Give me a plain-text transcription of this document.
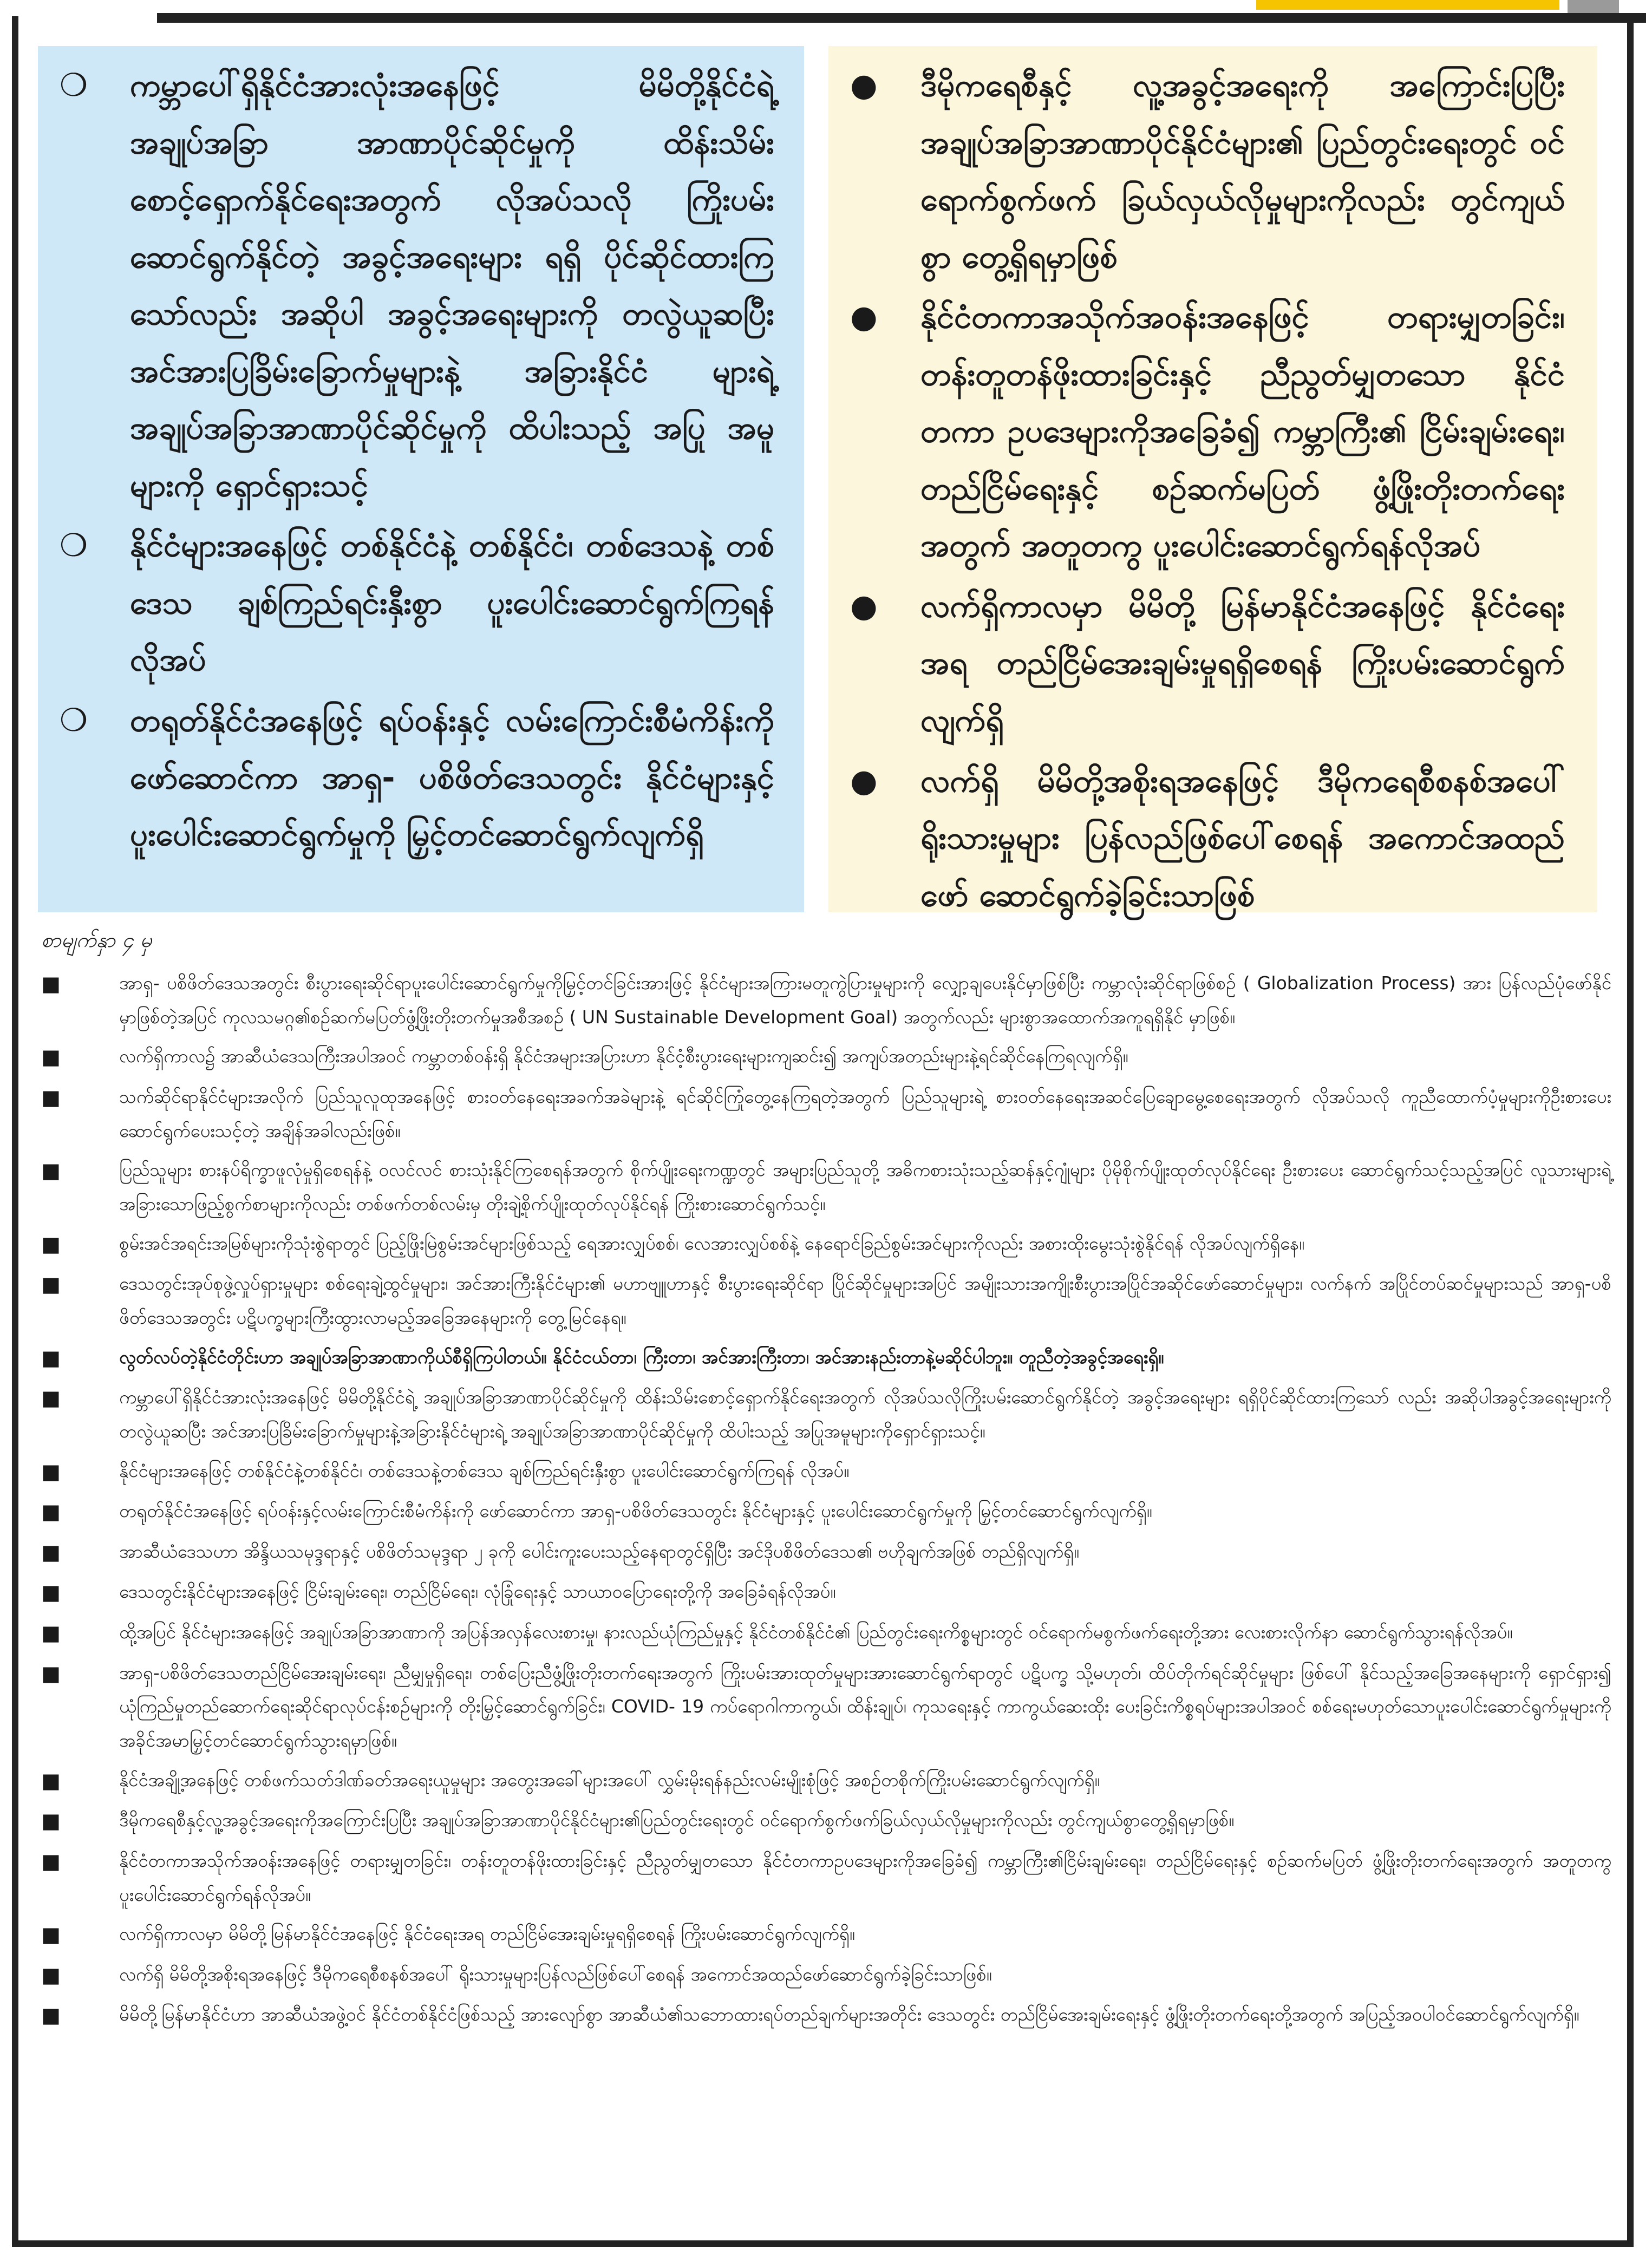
❍	ကမ္ဘာပေါ်ရှိနိုင်ငံအားလုံးအနေဖြင့် မိမိတို့နိုင်ငံရဲ့အချုပ်အခြာ အာဏာပိုင်ဆိုင်မှုကို ထိန်းသိမ်း စောင့်ရှောက်နိုင်ရေးအတွက် လိုအပ်သလို ကြိုးပမ်းဆောင်ရွက်နိုင်တဲ့ အခွင့်အရေးများ ရရှိ ပိုင်ဆိုင်ထားကြသော်လည်း အဆိုပါ အခွင့်အရေးများကို တလွဲယူဆပြီး အင်အားပြခြိမ်းခြောက်မှုများနဲ့ အခြားနိုင်ငံ များရဲ့ အချုပ်အခြာအာဏာပိုင်ဆိုင်မှုကို ထိပါးသည့် အပြု အမူများကို ရှောင်ရှားသင့်
❍	နိုင်ငံများအနေဖြင့် တစ်နိုင်ငံနဲ့ တစ်နိုင်ငံ၊ တစ်ဒေသနဲ့ တစ်ဒေသ ချစ်ကြည်ရင်းနှီးစွာ ပူးပေါင်းဆောင်ရွက်ကြရန် လိုအပ်
❍	တရုတ်နိုင်ငံအနေဖြင့် ရပ်ဝန်းနှင့် လမ်းကြောင်းစီမံကိန်းကို ဖော်ဆောင်ကာ အာရှ- ပစိဖိတ်ဒေသတွင်း နိုင်ငံများနှင့် ပူးပေါင်းဆောင်ရွက်မှုကို မြှင့်တင်ဆောင်ရွက်လျက်ရှိ
●	ဒီမိုကရေစီနှင့် လူ့အခွင့်အရေးကို အကြောင်းပြပြီး အချုပ်အခြာအာဏာပိုင်နိုင်ငံများ၏ ပြည်တွင်းရေးတွင် ဝင်ရောက်စွက်ဖက် ခြယ်လှယ်လိုမှုများကိုလည်း တွင်ကျယ်စွာ တွေ့ရှိရမှာဖြစ်
●	နိုင်ငံတကာအသိုက်အဝန်းအနေဖြင့် တရားမျှတခြင်း၊ တန်းတူတန်ဖိုးထားခြင်းနှင့် ညီညွတ်မျှတသော နိုင်ငံ တကာ ဥပဒေများကိုအခြေခံ၍ ကမ္ဘာကြီး၏ ငြိမ်းချမ်းရေး၊ တည်ငြိမ်ရေးနှင့် စဉ်ဆက်မပြတ် ဖွံ့ဖြိုးတိုးတက်ရေး အတွက် အတူတကွ ပူးပေါင်းဆောင်ရွက်ရန်လိုအပ်
●	လက်ရှိကာလမှာ မိမိတို့ မြန်မာနိုင်ငံအနေဖြင့် နိုင်ငံရေး အရ တည်ငြိမ်အေးချမ်းမှုရရှိစေရန် ကြိုးပမ်းဆောင်ရွက် လျက်ရှိ
●	လက်ရှိ မိမိတို့အစိုးရအနေဖြင့် ဒီမိုကရေစီစနစ်အပေါ် ရိုးသားမှုများ ပြန်လည်ဖြစ်ပေါ်စေရန် အကောင်အထည် ဖော် ဆောင်ရွက်ခဲ့ခြင်းသာဖြစ်
စာမျက်နှာ ၄ မှ
■	အာရှ- ပစိဖိတ်ဒေသအတွင်း စီးပွားရေးဆိုင်ရာပူးပေါင်းဆောင်ရွက်မှုကိုမြှင့်တင်ခြင်းအားဖြင့် နိုင်ငံများအကြားမတူကွဲပြားမှုများကို လျှော့ချပေးနိုင်မှာဖြစ်ပြီး ကမ္ဘာလုံးဆိုင်ရာဖြစ်စဉ် ( Globalization Process) အား ပြန်လည်ပုံဖော်နိုင်မှာဖြစ်တဲ့အပြင် ကုလသမဂ္ဂ၏စဉ်ဆက်မပြတ်ဖွံ့ဖြိုးတိုးတက်မှုအစီအစဉ် ( UN Sustainable Development Goal) အတွက်လည်း များစွာအထောက်အကူရရှိနိုင် မှာဖြစ်။
■	လက်ရှိကာလ၌ အာဆီယံဒေသကြီးအပါအဝင် ကမ္ဘာတစ်ဝန်းရှိ နိုင်ငံအများအပြားဟာ နိုင်ငံ့စီးပွားရေးများကျဆင်း၍ အကျပ်အတည်းများနဲ့ရင်ဆိုင်နေကြရလျက်ရှိ။
■	သက်ဆိုင်ရာနိုင်ငံများအလိုက် ပြည်သူလူထုအနေဖြင့် စားဝတ်နေရေးအခက်အခဲများနဲ့ ရင်ဆိုင်ကြုံတွေ့နေကြရတဲ့အတွက် ပြည်သူများရဲ့ စားဝတ်နေရေးအဆင်ပြေချောမွေ့စေရေးအတွက် လိုအပ်သလို ကူညီထောက်ပံ့မှုများကိုဦးစားပေးဆောင်ရွက်ပေးသင့်တဲ့ အချိန်အခါလည်းဖြစ်။
■	ပြည်သူများ စားနပ်ရိက္ခာဖူလုံမှုရှိစေရန်နဲ့ ဝလင်လင် စားသုံးနိုင်ကြစေရန်အတွက် စိုက်ပျိုးရေးကဏ္ဍတွင် အများပြည်သူတို့ အဓိကစားသုံးသည့်ဆန်နှင့်ဂျုံများ ပိုမိုစိုက်ပျိုးထုတ်လုပ်နိုင်ရေး ဦးစားပေး ဆောင်ရွက်သင့်သည့်အပြင် လူသားများရဲ့အခြားသောဖြည့်စွက်စာများကိုလည်း တစ်ဖက်တစ်လမ်းမှ တိုးချဲ့စိုက်ပျိုးထုတ်လုပ်နိုင်ရန် ကြိုးစားဆောင်ရွက်သင့်။
■	စွမ်းအင်အရင်းအမြစ်များကိုသုံးစွဲရာတွင် ပြည့်ဖြိုးမြဲစွမ်းအင်များဖြစ်သည့် ရေအားလျှပ်စစ်၊ လေအားလျှပ်စစ်နဲ့ နေရောင်ခြည်စွမ်းအင်များကိုလည်း အစားထိုးမွေးသုံးစွဲနိုင်ရန် လိုအပ်လျက်ရှိနေ။
■	ဒေသတွင်းအုပ်စုဖွဲ့လှုပ်ရှားမှုများ စစ်ရေးချဲ့ထွင်မှုများ၊ အင်အားကြီးနိုင်ငံများ၏ မဟာဗျူဟာနှင့် စီးပွားရေးဆိုင်ရာ ပြိုင်ဆိုင်မှုများအပြင် အမျိုးသားအကျိုးစီးပွားအပြိုင်အဆိုင်ဖော်ဆောင်မှုများ၊ လက်နက် အပြိုင်တပ်ဆင်မှုများသည် အာရှ-ပစိဖိတ်ဒေသအတွင်း ပဋိပက္ခများကြီးထွားလာမည့်အခြေအနေများကို တွေ့မြင်နေရ။
■	လွတ်လပ်တဲ့နိုင်ငံတိုင်းဟာ အချုပ်အခြာအာဏာကိုယ်စီရှိကြပါတယ်။ နိုင်ငံငယ်တာ၊ ကြီးတာ၊ အင်အားကြီးတာ၊ အင်အားနည်းတာနဲ့မဆိုင်ပါဘူး။ တူညီတဲ့အခွင့်အရေးရှိ။
■	ကမ္ဘာပေါ်ရှိနိုင်ငံအားလုံးအနေဖြင့် မိမိတို့နိုင်ငံရဲ့ အချုပ်အခြာအာဏာပိုင်ဆိုင်မှုကို ထိန်းသိမ်းစောင့်ရှောက်နိုင်ရေးအတွက် လိုအပ်သလိုကြိုးပမ်းဆောင်ရွက်နိုင်တဲ့ အခွင့်အရေးများ ရရှိပိုင်ဆိုင်ထားကြသော် လည်း အဆိုပါအခွင့်အရေးများကို တလွဲယူဆပြီး အင်အားပြခြိမ်းခြောက်မှုများနဲ့အခြားနိုင်ငံများရဲ့ အချုပ်အခြာအာဏာပိုင်ဆိုင်မှုကို ထိပါးသည့် အပြုအမူများကိုရှောင်ရှားသင့်။
■	နိုင်ငံများအနေဖြင့် တစ်နိုင်ငံနဲ့တစ်နိုင်ငံ၊ တစ်ဒေသနဲ့တစ်ဒေသ ချစ်ကြည်ရင်းနှီးစွာ ပူးပေါင်းဆောင်ရွက်ကြရန် လိုအပ်။
■	တရုတ်နိုင်ငံအနေဖြင့် ရပ်ဝန်းနှင့်လမ်းကြောင်းစီမံကိန်းကို ဖော်ဆောင်ကာ အာရှ-ပစိဖိတ်ဒေသတွင်း နိုင်ငံများနှင့် ပူးပေါင်းဆောင်ရွက်မှုကို မြှင့်တင်ဆောင်ရွက်လျက်ရှိ။
■	အာဆီယံဒေသဟာ အိန္ဒိယသမုဒ္ဒရာနှင့် ပစိဖိတ်သမုဒ္ဒရာ ၂ ခုကို ပေါင်းကူးပေးသည့်နေရာတွင်ရှိပြီး အင်ဒိုပစိဖိတ်ဒေသ၏ ဗဟိုချက်အဖြစ် တည်ရှိလျက်ရှိ။
■	ဒေသတွင်းနိုင်ငံများအနေဖြင့် ငြိမ်းချမ်းရေး၊ တည်ငြိမ်ရေး၊ လုံခြုံရေးနှင့် သာယာဝပြောရေးတို့ကို အခြေခံရန်လိုအပ်။
■	ထို့အပြင် နိုင်ငံများအနေဖြင့် အချုပ်အခြာအာဏာကို အပြန်အလှန်လေးစားမှု၊ နားလည်ယုံကြည်မှုနှင့် နိုင်ငံတစ်နိုင်ငံ၏ ပြည်တွင်းရေးကိစ္စများတွင် ဝင်ရောက်မစွက်ဖက်ရေးတို့အား လေးစားလိုက်နာ ဆောင်ရွက်သွားရန်လိုအပ်။
■	အာရှ-ပစိဖိတ်ဒေသတည်ငြိမ်အေးချမ်းရေး၊ ညီမျှမှုရှိရေး၊ တစ်ပြေးညီဖွံ့ဖြိုးတိုးတက်ရေးအတွက် ကြိုးပမ်းအားထုတ်မှုများအားဆောင်ရွက်ရာတွင် ပဋိပက္ခ သို့မဟုတ်၊ ထိပ်တိုက်ရင်ဆိုင်မှုများ ဖြစ်ပေါ် နိုင်သည့်အခြေအနေများကို ရှောင်ရှား၍ ယုံကြည်မှုတည်ဆောက်ရေးဆိုင်ရာလုပ်ငန်းစဉ်များကို တိုးမြှင့်ဆောင်ရွက်ခြင်း၊ COVID- 19 ကပ်ရောဂါကာကွယ်၊ ထိန်းချုပ်၊ ကုသရေးနှင့် ကာကွယ်ဆေးထိုး ပေးခြင်းကိစ္စရပ်များအပါအဝင် စစ်ရေးမဟုတ်သောပူးပေါင်းဆောင်ရွက်မှုများကို အခိုင်အမာမြှင့်တင်ဆောင်ရွက်သွားရမှာဖြစ်။
■	နိုင်ငံအချို့အနေဖြင့် တစ်ဖက်သတ်ဒါဏ်ခတ်အရေးယူမှုများ အတွေးအခေါ်များအပေါ် လွှမ်းမိုးရန်နည်းလမ်းမျိုးစုံဖြင့် အစဉ်တစိုက်ကြိုးပမ်းဆောင်ရွက်လျက်ရှိ။
■	ဒီမိုကရေစီနှင့်လူ့အခွင့်အရေးကိုအကြောင်းပြပြီး အချုပ်အခြာအာဏာပိုင်နိုင်ငံများ၏ပြည်တွင်းရေးတွင် ဝင်ရောက်စွက်ဖက်ခြယ်လှယ်လိုမှုများကိုလည်း တွင်ကျယ်စွာတွေ့ရှိရမှာဖြစ်။
■	နိုင်ငံတကာအသိုက်အဝန်းအနေဖြင့် တရားမျှတခြင်း၊ တန်းတူတန်ဖိုးထားခြင်းနှင့် ညီညွတ်မျှတသော နိုင်ငံတကာဥပဒေများကိုအခြေခံ၍ ကမ္ဘာကြီး၏ငြိမ်းချမ်းရေး၊ တည်ငြိမ်ရေးနှင့် စဉ်ဆက်မပြတ် ဖွံ့ဖြိုးတိုးတက်ရေးအတွက် အတူတကွ ပူးပေါင်းဆောင်ရွက်ရန်လိုအပ်။
■	လက်ရှိကာလမှာ မိမိတို့မြန်မာနိုင်ငံအနေဖြင့် နိုင်ငံရေးအရ တည်ငြိမ်အေးချမ်းမှုရရှိစေရန် ကြိုးပမ်းဆောင်ရွက်လျက်ရှိ။
■	လက်ရှိ မိမိတို့အစိုးရအနေဖြင့် ဒီမိုကရေစီစနစ်အပေါ် ရိုးသားမှုများပြန်လည်ဖြစ်ပေါ်စေရန် အကောင်အထည်ဖော်ဆောင်ရွက်ခဲ့ခြင်းသာဖြစ်။
■	မိမိတို့မြန်မာနိုင်ငံဟာ အာဆီယံအဖွဲ့ဝင် နိုင်ငံတစ်နိုင်ငံဖြစ်သည့် အားလျော်စွာ အာဆီယံ၏သဘောထားရပ်တည်ချက်များအတိုင်း ဒေသတွင်း တည်ငြိမ်အေးချမ်းရေးနှင့် ဖွံ့ဖြိုးတိုးတက်ရေးတို့အတွက် အပြည့်အဝပါဝင်ဆောင်ရွက်လျက်ရှိ။
